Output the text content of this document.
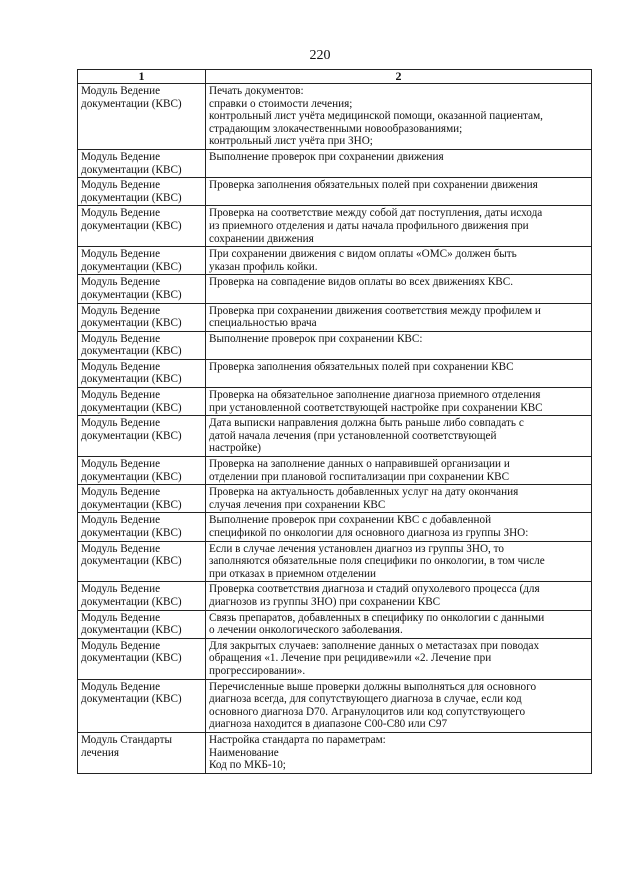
220
1	2

Модуль Ведение
документации (КВС)	Печать документов:
справки о стоимости лечения;
контрольный лист учёта медицинской помощи, оказанной пациентам,
страдающим злокачественными новообразованиями;
контрольный лист учёта при ЗНО;

Модуль Ведение
документации (КВС)	Выполнение проверок при сохранении движения

Модуль Ведение
документации (КВС)	Проверка заполнения обязательных полей при сохранении движения

Модуль Ведение
документации (КВС)	Проверка на соответствие между собой дат поступления, даты исхода
из приемного отделения и даты начала профильного движения при
сохранении движения

Модуль Ведение
документации (КВС)	При сохранении движения с видом оплаты «ОМС» должен быть
указан профиль койки.

Модуль Ведение
документации (КВС)	Проверка на совпадение видов оплаты во всех движениях КВС.

Модуль Ведение
документации (КВС)	Проверка при сохранении движения соответствия между профилем и
специальностью врача

Модуль Ведение
документации (КВС)	Выполнение проверок при сохранении КВС:

Модуль Ведение
документации (КВС)	Проверка заполнения обязательных полей при сохранении КВС

Модуль Ведение
документации (КВС)	Проверка на обязательное заполнение диагноза приемного отделения
при установленной соответствующей настройке при сохранении КВС

Модуль Ведение
документации (КВС)	Дата выписки направления должна быть раньше либо совпадать с
датой начала лечения (при установленной соответствующей
настройке)

Модуль Ведение
документации (КВС)	Проверка на заполнение данных о направившей организации и
отделении при плановой госпитализации при сохранении КВС

Модуль Ведение
документации (КВС)	Проверка на актуальность добавленных услуг на дату окончания
случая лечения при сохранении КВС

Модуль Ведение
документации (КВС)	Выполнение проверок при сохранении КВС с добавленной
спецификой по онкологии для основного диагноза из группы ЗНО:

Модуль Ведение
документации (КВС)	Если в случае лечения установлен диагноз из группы ЗНО, то
заполняются обязательные поля специфики по онкологии, в том числе
при отказах в приемном отделении

Модуль Ведение
документации (КВС)	Проверка соответствия диагноза и стадий опухолевого процесса (для
диагнозов из группы ЗНО) при сохранении КВС

Модуль Ведение
документации (КВС)	Связь препаратов, добавленных в специфику по онкологии с данными
о лечении онкологического заболевания.

Модуль Ведение
документации (КВС)	Для закрытых случаев: заполнение данных о метастазах при поводах
обращения «1. Лечение при рецидиве»или «2. Лечение при
прогрессировании».

Модуль Ведение
документации (КВС)	Перечисленные выше проверки должны выполняться для основного
диагноза всегда, для сопутствующего диагноза в случае, если код
основного диагноза D70. Агранулоцитов или код сопутствующего
диагноза находится в диапазоне C00-C80 или C97

Модуль Стандарты
лечения	Настройка стандарта по параметрам:
Наименование
Код по МКБ-10;
